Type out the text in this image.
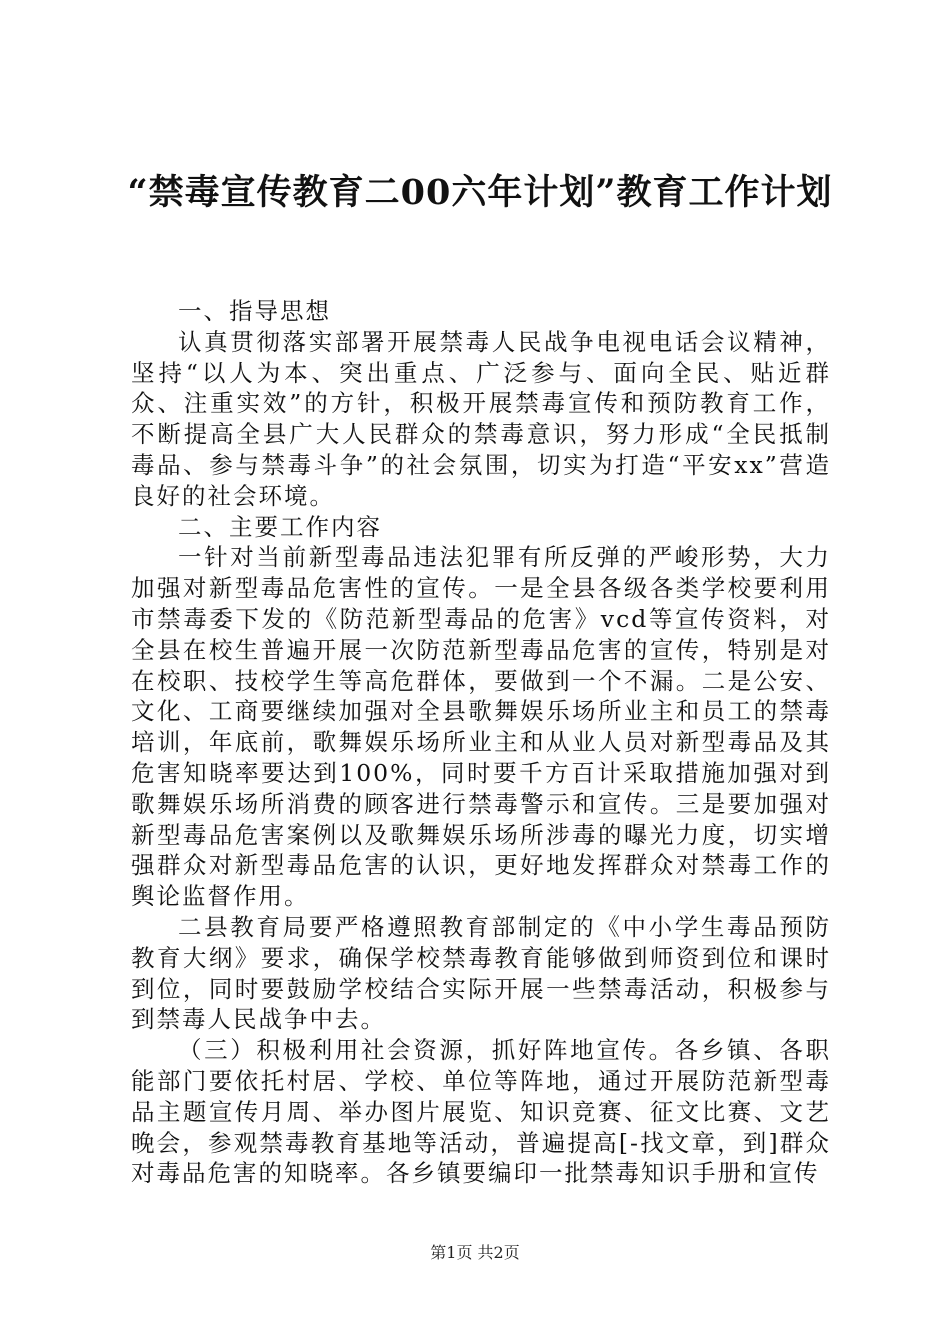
“禁毒宣传教育二00六年计划”教育工作计划

一、指导思想

认真贯彻落实部署开展禁毒人民战争电视电话会议精神，坚持“以人为本、突出重点、广泛参与、面向全民、贴近群众、注重实效”的方针，积极开展禁毒宣传和预防教育工作，不断提高全县广大人民群众的禁毒意识，努力形成“全民抵制毒品、参与禁毒斗争”的社会氛围，切实为打造“平安xx”营造良好的社会环境。

二、主要工作内容

一针对当前新型毒品违法犯罪有所反弹的严峻形势，大力加强对新型毒品危害性的宣传。一是全县各级各类学校要利用市禁毒委下发的《防范新型毒品的危害》vcd等宣传资料，对全县在校生普遍开展一次防范新型毒品危害的宣传，特别是对在校职、技校学生等高危群体，要做到一个不漏。二是公安、文化、工商要继续加强对全县歌舞娱乐场所业主和员工的禁毒培训，年底前，歌舞娱乐场所业主和从业人员对新型毒品及其危害知晓率要达到100%，同时要千方百计采取措施加强对到歌舞娱乐场所消费的顾客进行禁毒警示和宣传。三是要加强对新型毒品危害案例以及歌舞娱乐场所涉毒的曝光力度，切实增强群众对新型毒品危害的认识，更好地发挥群众对禁毒工作的舆论监督作用。

二县教育局要严格遵照教育部制定的《中小学生毒品预防教育大纲》要求，确保学校禁毒教育能够做到师资到位和课时到位，同时要鼓励学校结合实际开展一些禁毒活动，积极参与到禁毒人民战争中去。

（三）积极利用社会资源，抓好阵地宣传。各乡镇、各职能部门要依托村居、学校、单位等阵地，通过开展防范新型毒品主题宣传月周、举办图片展览、知识竞赛、征文比赛、文艺晚会，参观禁毒教育基地等活动，普遍提高[-找文章，到]群众对毒品危害的知晓率。各乡镇要编印一批禁毒知识手册和宣传

第1页 共2页
